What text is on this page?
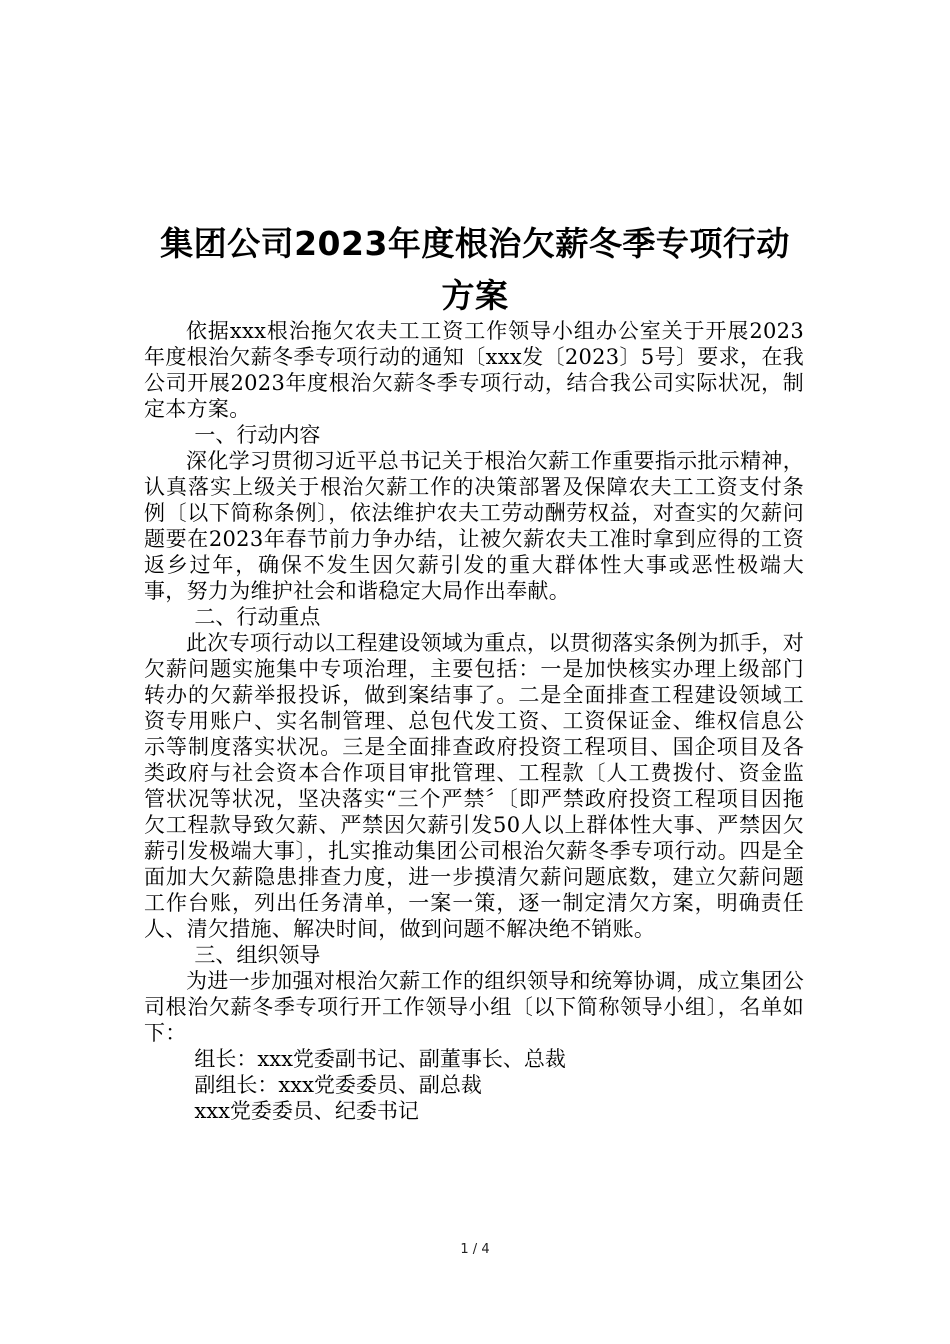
集团公司2023年度根治欠薪冬季专项行动
方案

依据xxx根治拖欠农夫工工资工作领导小组办公室关于开展2023年度根治欠薪冬季专项行动的通知〔xxx发〔2023〕5号〕要求，在我公司开展2023年度根治欠薪冬季专项行动，结合我公司实际状况，制定本方案。

一、行动内容

深化学习贯彻习近平总书记关于根治欠薪工作重要指示批示精神，认真落实上级关于根治欠薪工作的决策部署及保障农夫工工资支付条例〔以下简称条例〕，依法维护农夫工劳动酬劳权益，对查实的欠薪问题要在2023年春节前力争办结，让被欠薪农夫工准时拿到应得的工资返乡过年，确保不发生因欠薪引发的重大群体性大事或恶性极端大事，努力为维护社会和谐稳定大局作出奉献。

二、行动重点

此次专项行动以工程建设领域为重点，以贯彻落实条例为抓手，对欠薪问题实施集中专项治理，主要包括：一是加快核实办理上级部门转办的欠薪举报投诉，做到案结事了。二是全面排查工程建设领域工资专用账户、实名制管理、总包代发工资、工资保证金、维权信息公示等制度落实状况。三是全面排查政府投资工程项目、国企项目及各类政府与社会资本合作项目审批管理、工程款〔人工费拨付、资金监管状况等状况，坚决落实“三个严禁〞〔即严禁政府投资工程项目因拖欠工程款导致欠薪、严禁因欠薪引发50人以上群体性大事、严禁因欠薪引发极端大事〕，扎实推动集团公司根治欠薪冬季专项行动。四是全面加大欠薪隐患排查力度，进一步摸清欠薪问题底数，建立欠薪问题工作台账，列出任务清单，一案一策，逐一制定清欠方案，明确责任人、清欠措施、解决时间，做到问题不解决绝不销账。

三、组织领导

为进一步加强对根治欠薪工作的组织领导和统筹协调，成立集团公司根治欠薪冬季专项行开工作领导小组〔以下简称领导小组〕，名单如下：

组长：xxx党委副书记、副董事长、总裁
副组长：xxx党委委员、副总裁
xxx党委委员、纪委书记
1 / 4
